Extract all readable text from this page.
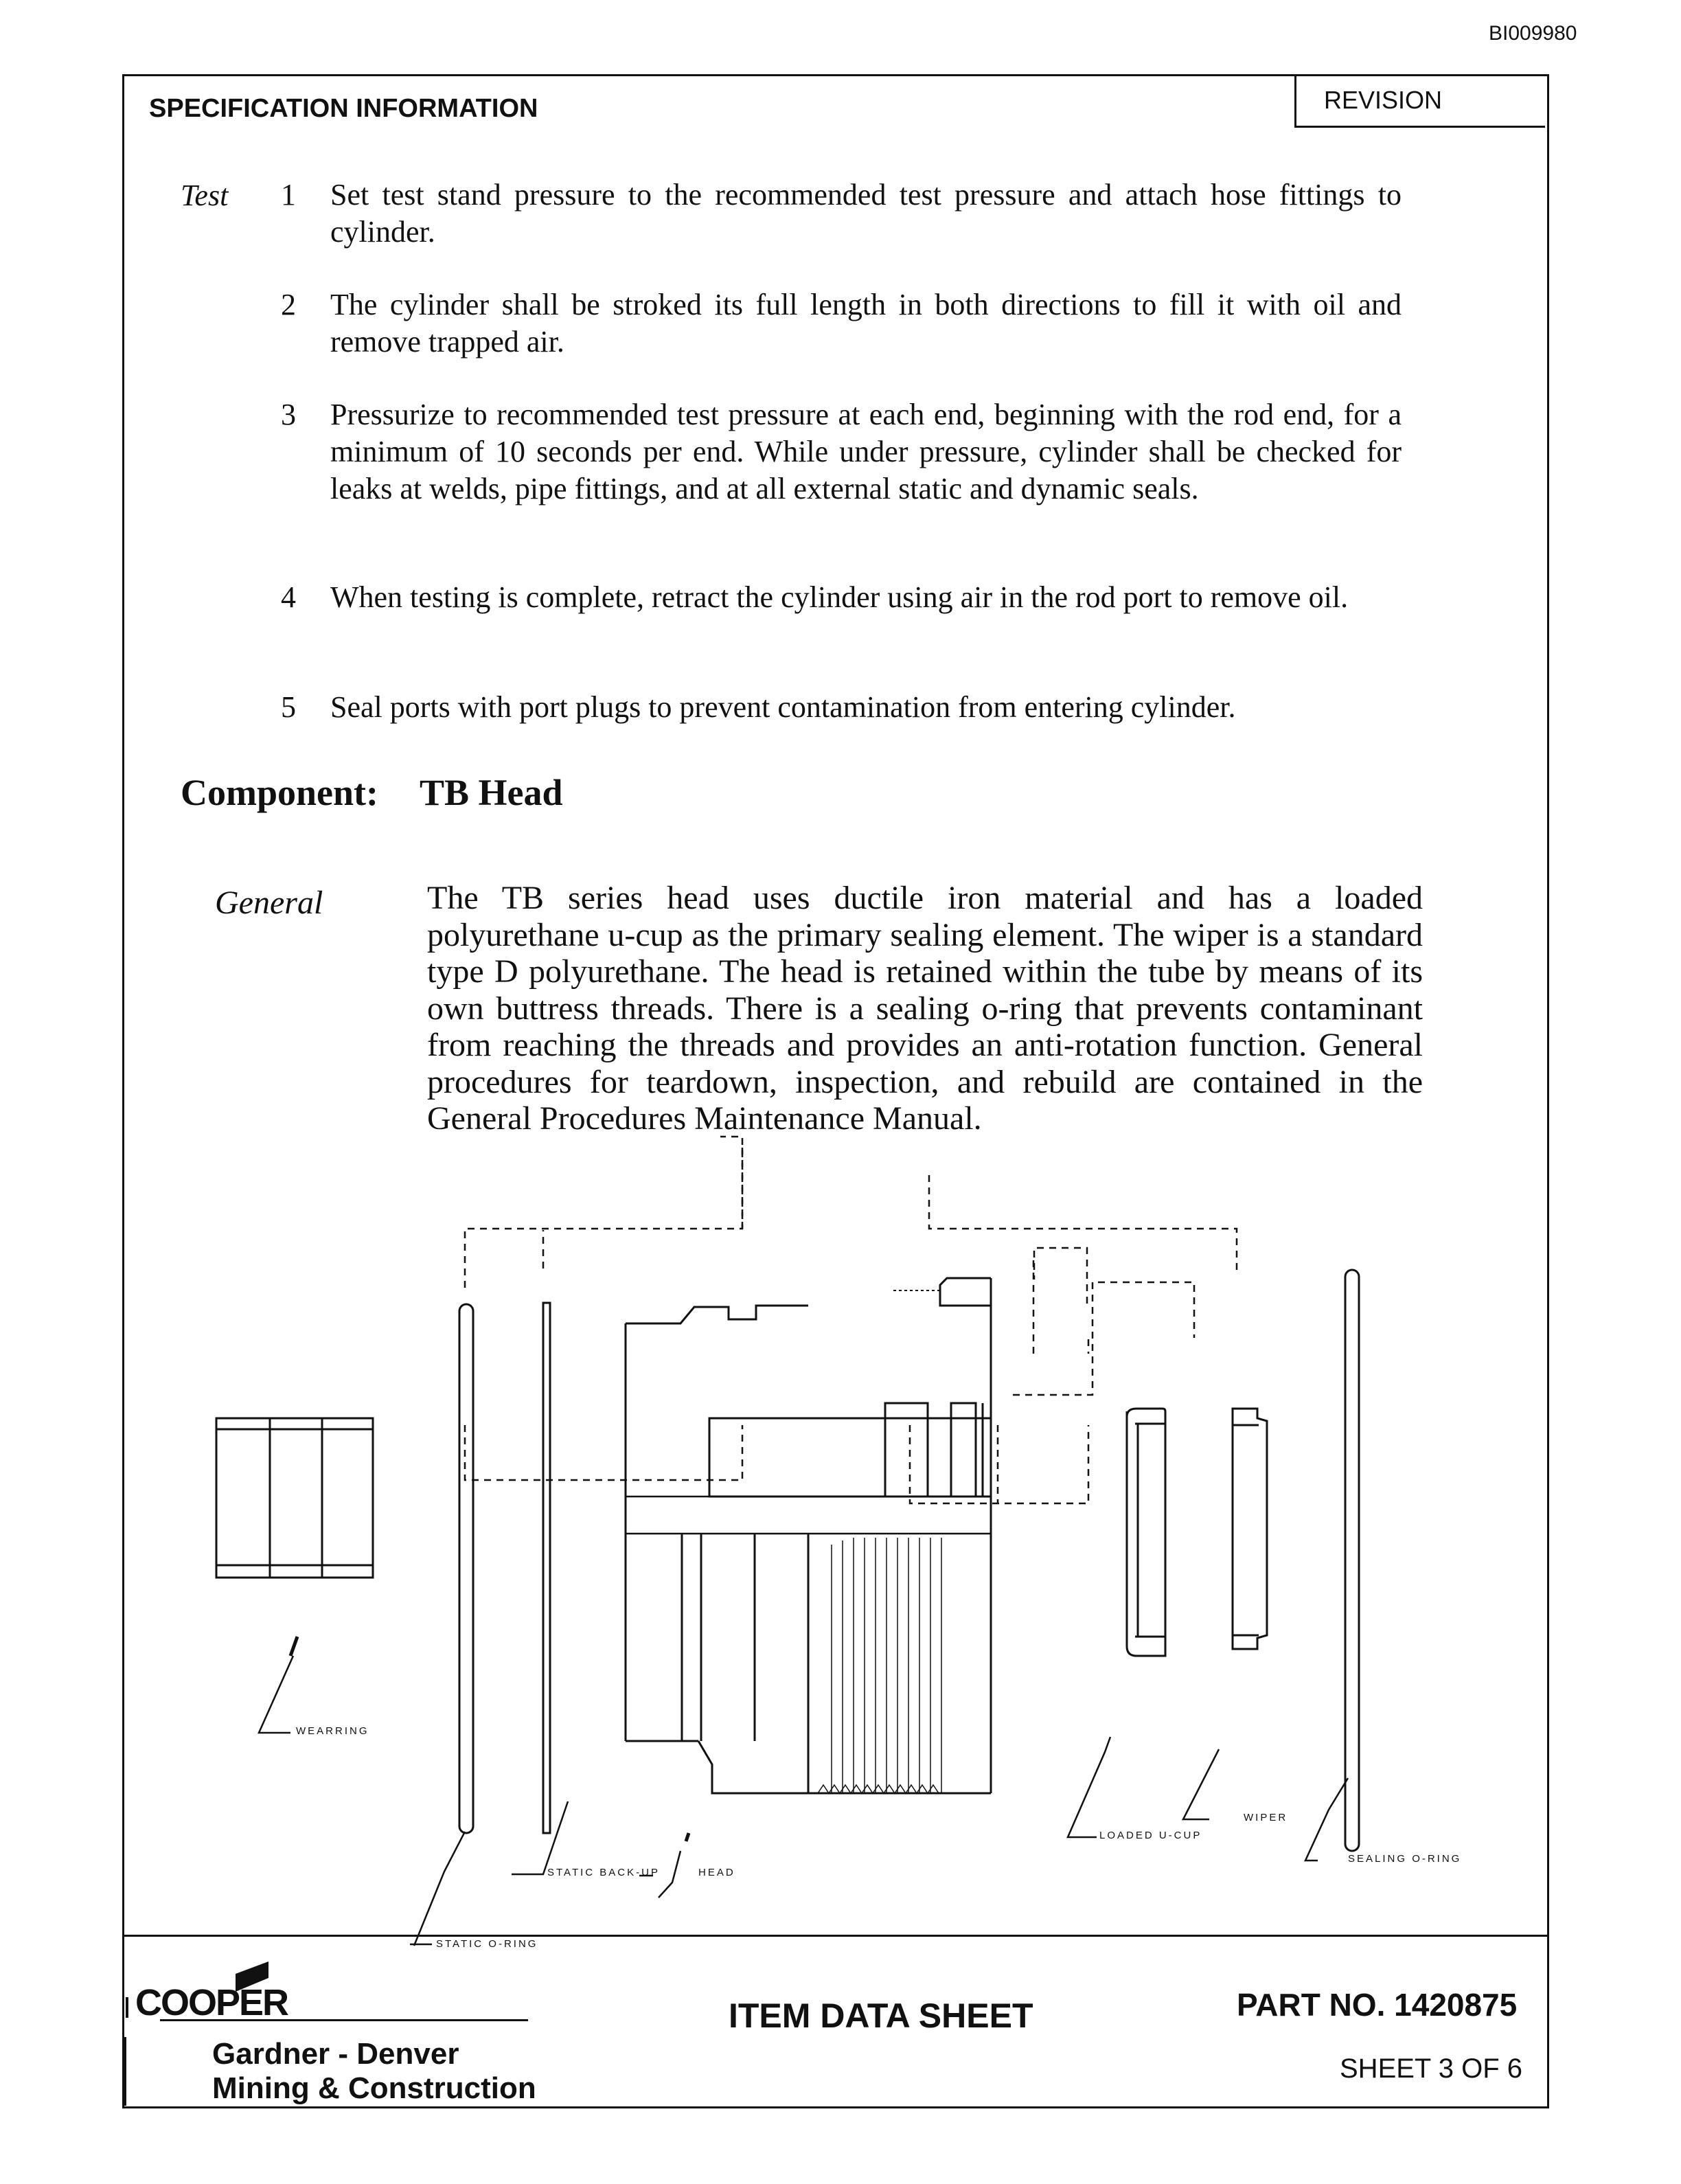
BI009980
SPECIFICATION INFORMATION	REVISION
Test	1 Set test stand pressure to the recommended test pressure and attach hose fittings to cylinder.
2 The cylinder shall be stroked its full length in both directions to fill it with oil and remove trapped air.
3 Pressurize to recommended test pressure at each end, beginning with the rod end, for a minimum of 10 seconds per end. While under pressure, cylinder shall be checked for leaks at welds, pipe fittings, and at all external static and dynamic seals.
4 When testing is complete, retract the cylinder using air in the rod port to remove oil.
5 Seal ports with port plugs to prevent contamination from entering cylinder.
Component: TB Head
General	The TB series head uses ductile iron material and has a loaded polyurethane u-cup as the primary sealing element. The wiper is a standard type D polyurethane. The head is retained within the tube by means of its own buttress threads. There is a sealing o-ring that prevents contaminant from reaching the threads and provides an anti-rotation function. General procedures for teardown, inspection, and rebuild are contained in the General Procedures Maintenance Manual.
WEARRING
STATIC BACK-UP	HEAD
STATIC O-RING
LOADED U-CUP
WIPER
SEALING O-RING
COOPER
Gardner - Denver
Mining & Construction
ITEM DATA SHEET	PART NO. 1420875
SHEET 3 OF 6
